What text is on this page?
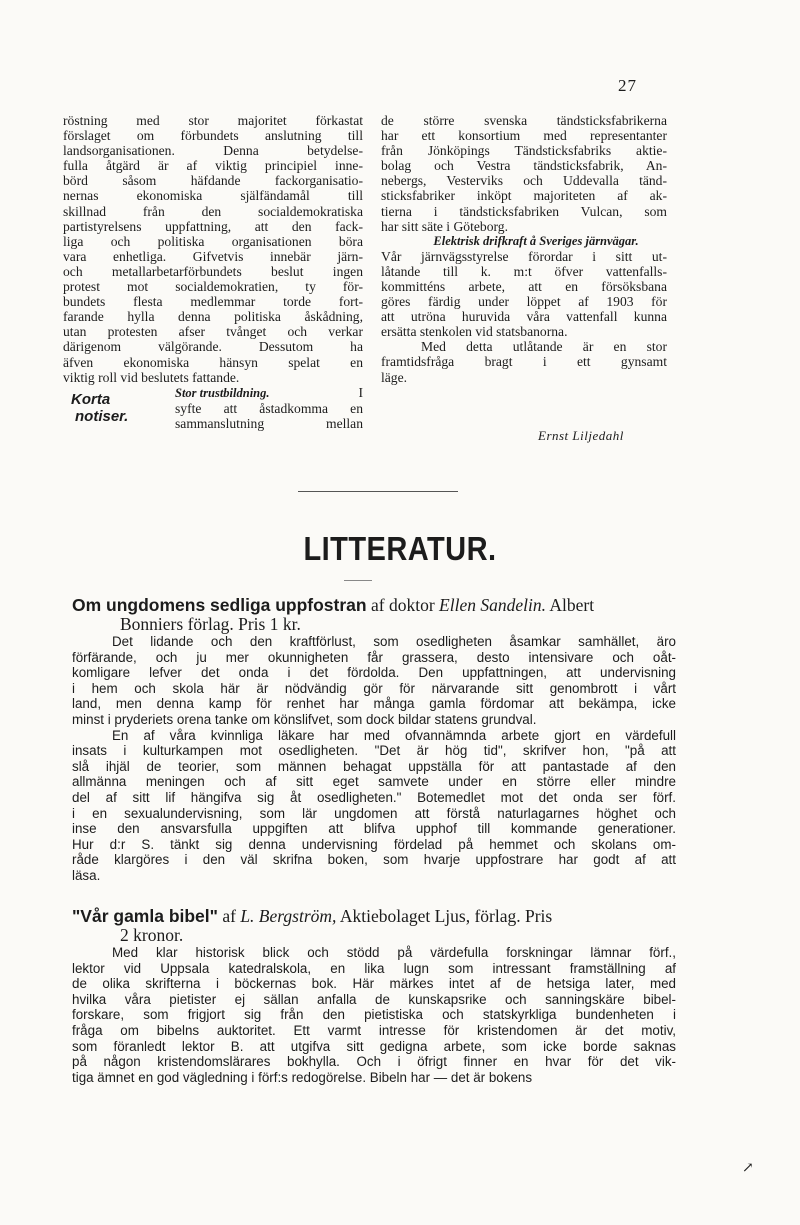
27
röstning med stor majoritet förkastat
förslaget om förbundets anslutning till
landsorganisationen. Denna betydelse-
fulla åtgärd är af viktig principiel inne-
börd såsom häfdande fackorganisatio-
nernas ekonomiska själfändamål till
skillnad från den socialdemokratiska
partistyrelsens uppfattning, att den fack-
liga och politiska organisationen böra
vara enhetliga. Gifvetvis innebär järn-
och metallarbetarförbundets beslut ingen
protest mot socialdemokratien, ty för-
bundets flesta medlemmar torde fort-
farande hylla denna politiska åskådning,
utan protesten afser tvånget och verkar
därigenom välgörande. Dessutom ha
äfven ekonomiska hänsyn spelat en
viktig roll vid beslutets fattande.
Korta
notiser.
Stor trustbildning.	I
syfte att åstadkomma en
sammanslutning mellan
de större svenska tändsticksfabrikerna
har ett konsortium med representanter
från Jönköpings Tändsticksfabriks aktie-
bolag och Vestra tändsticksfabrik, An-
nebergs, Vesterviks och Uddevalla tänd-
sticksfabriker inköpt majoriteten af ak-
tierna i tändsticksfabriken Vulcan, som
har sitt säte i Göteborg.
Elektrisk drifkraft å Sveriges järnvägar.
Vår järnvägsstyrelse förordar i sitt ut-
låtande till k. m:t öfver vattenfalls-
kommitténs arbete, att en försöksbana
göres färdig under löppet af 1903 för
att utröna huruvida våra vattenfall kunna
ersätta stenkolen vid statsbanorna.
Med detta utlåtande är en stor
framtidsfråga bragt i ett gynsamt
läge.
Ernst Liljedahl
LITTERATUR.
Om ungdomens sedliga uppfostran af doktor Ellen Sandelin. Albert
Bonniers förlag. Pris 1 kr.
Det lidande och den kraftförlust, som osedligheten åsamkar samhället, äro
förfärande, och ju mer okunnigheten får grassera, desto intensivare och oåt-
komligare lefver det onda i det fördolda. Den uppfattningen, att undervisning
i hem och skola här är nödvändig gör för närvarande sitt genombrott i vårt
land, men denna kamp för renhet har många gamla fördomar att bekämpa, icke
minst i pryderiets orena tanke om könslifvet, som dock bildar statens grundval.
En af våra kvinnliga läkare har med ofvannämnda arbete gjort en värdefull
insats i kulturkampen mot osedligheten. "Det är hög tid", skrifver hon, "på att
slå ihjäl de teorier, som männen behagat uppställa för att pantastade af den
allmänna meningen och af sitt eget samvete under en större eller mindre
del af sitt lif hängifva sig åt osedligheten." Botemedlet mot det onda ser förf.
i en sexualundervisning, som lär ungdomen att förstå naturlagarnes höghet och
inse den ansvarsfulla uppgiften att blifva upphof till kommande generationer.
Hur d:r S. tänkt sig denna undervisning fördelad på hemmet och skolans om-
råde klargöres i den väl skrifna boken, som hvarje uppfostrare har godt af att
läsa.
"Vår gamla bibel" af L. Bergström, Aktiebolaget Ljus, förlag. Pris
2 kronor.
Med klar historisk blick och stödd på värdefulla forskningar lämnar förf.,
lektor vid Uppsala katedralskola, en lika lugn som intressant framställning af
de olika skrifterna i böckernas bok. Här märkes intet af de hetsiga later, med
hvilka våra pietister ej sällan anfalla de kunskapsrike och sanningskäre bibel-
forskare, som frigjort sig från den pietistiska och statskyrkliga bundenheten i
fråga om bibelns auktoritet. Ett varmt intresse för kristendomen är det motiv,
som föranledt lektor B. att utgifva sitt gedigna arbete, som icke borde saknas
på någon kristendomslärares bokhylla. Och i öfrigt finner en hvar för det vik-
tiga ämnet en god vägledning i förf:s redogörelse. Bibeln har — det är bokens
↗
